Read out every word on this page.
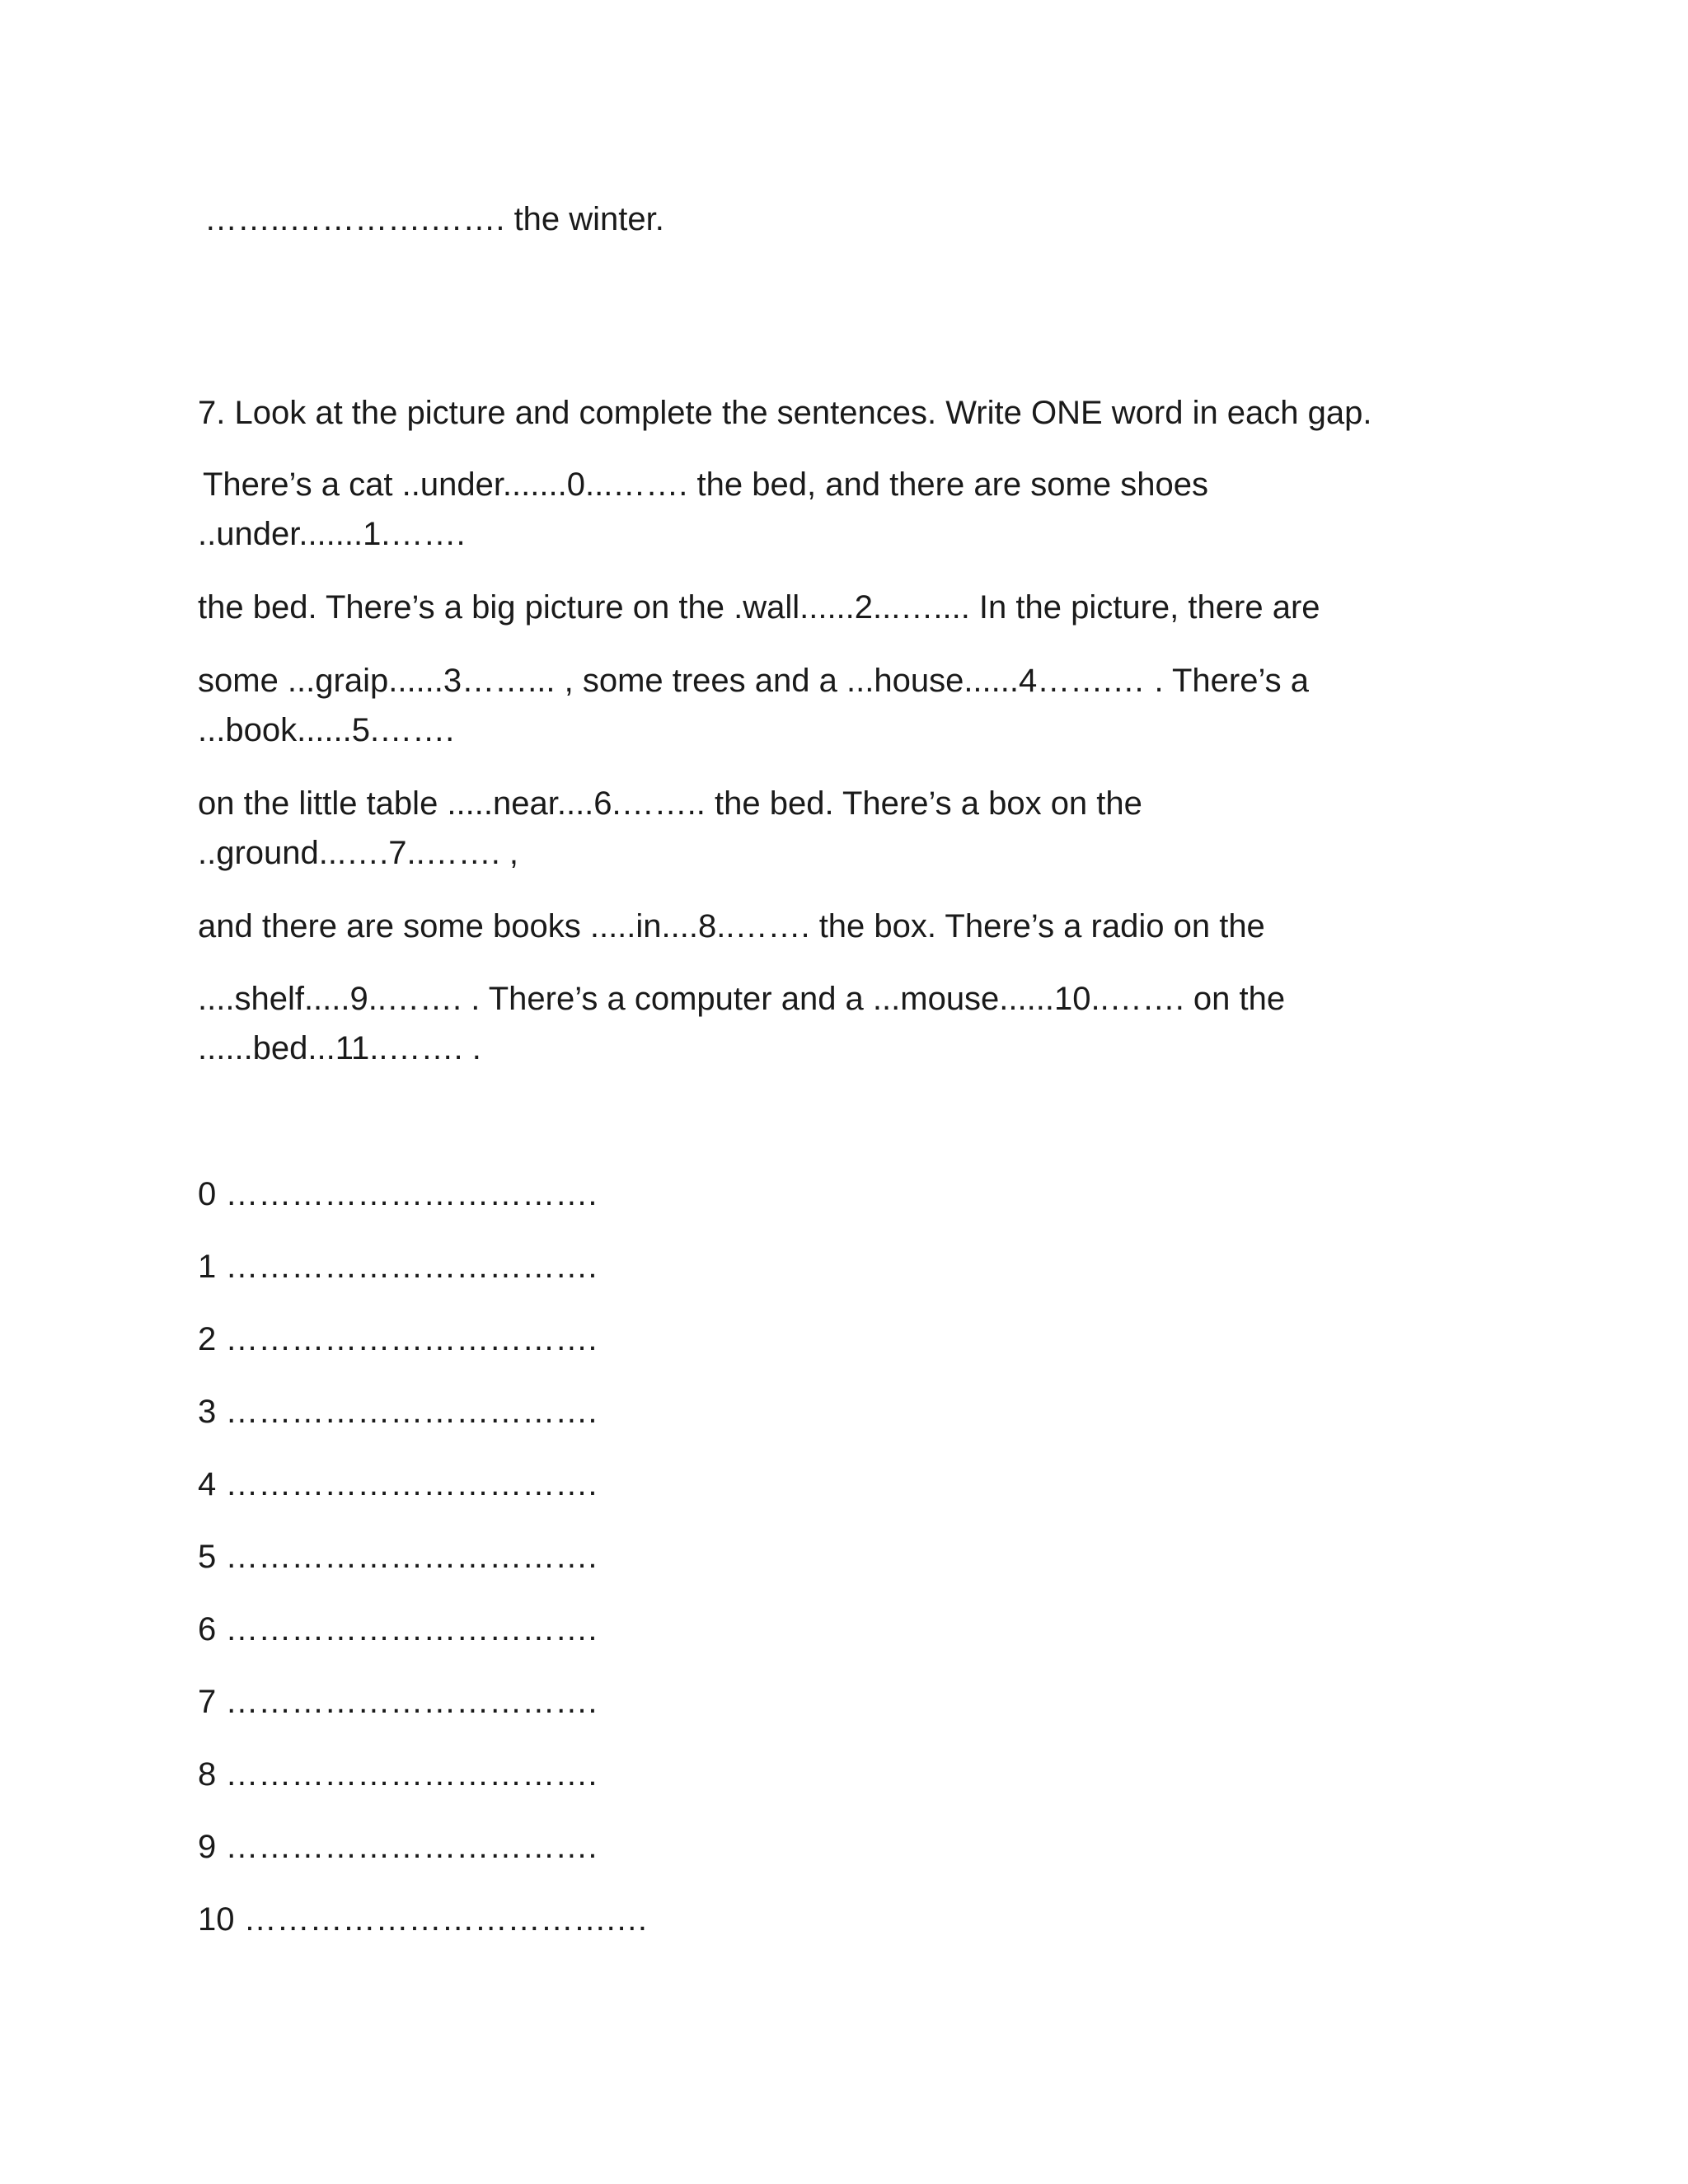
……..………….……. the winter.
7. Look at the picture and complete the sentences. Write ONE word in each gap.
There’s a cat ..under.......0...……. the bed, and there are some shoes
..under.......1.…….
the bed. There’s a big picture on the .wall......2...….... In the picture, there are
some ...graip......3……... , some trees and a ...house......4…….… . There’s a
...book......5.…….
on the little table .....near....6.…….. the bed. There’s a box on the
..ground...….7..……. ,
and there are some books .....in....8..……. the box. There’s a radio on the
....shelf.....9..……. . There’s a computer and a ...mouse......10..……. on the
......bed...11..……. .
0 …………………………….
1 …………………………….
2 …………………………….
3 …………………………….
4 …………………………….
5 …………………………….
6 …………………………….
7 …………………………….
8 …………………………….
9 …………………………….
10 …………………………….…
